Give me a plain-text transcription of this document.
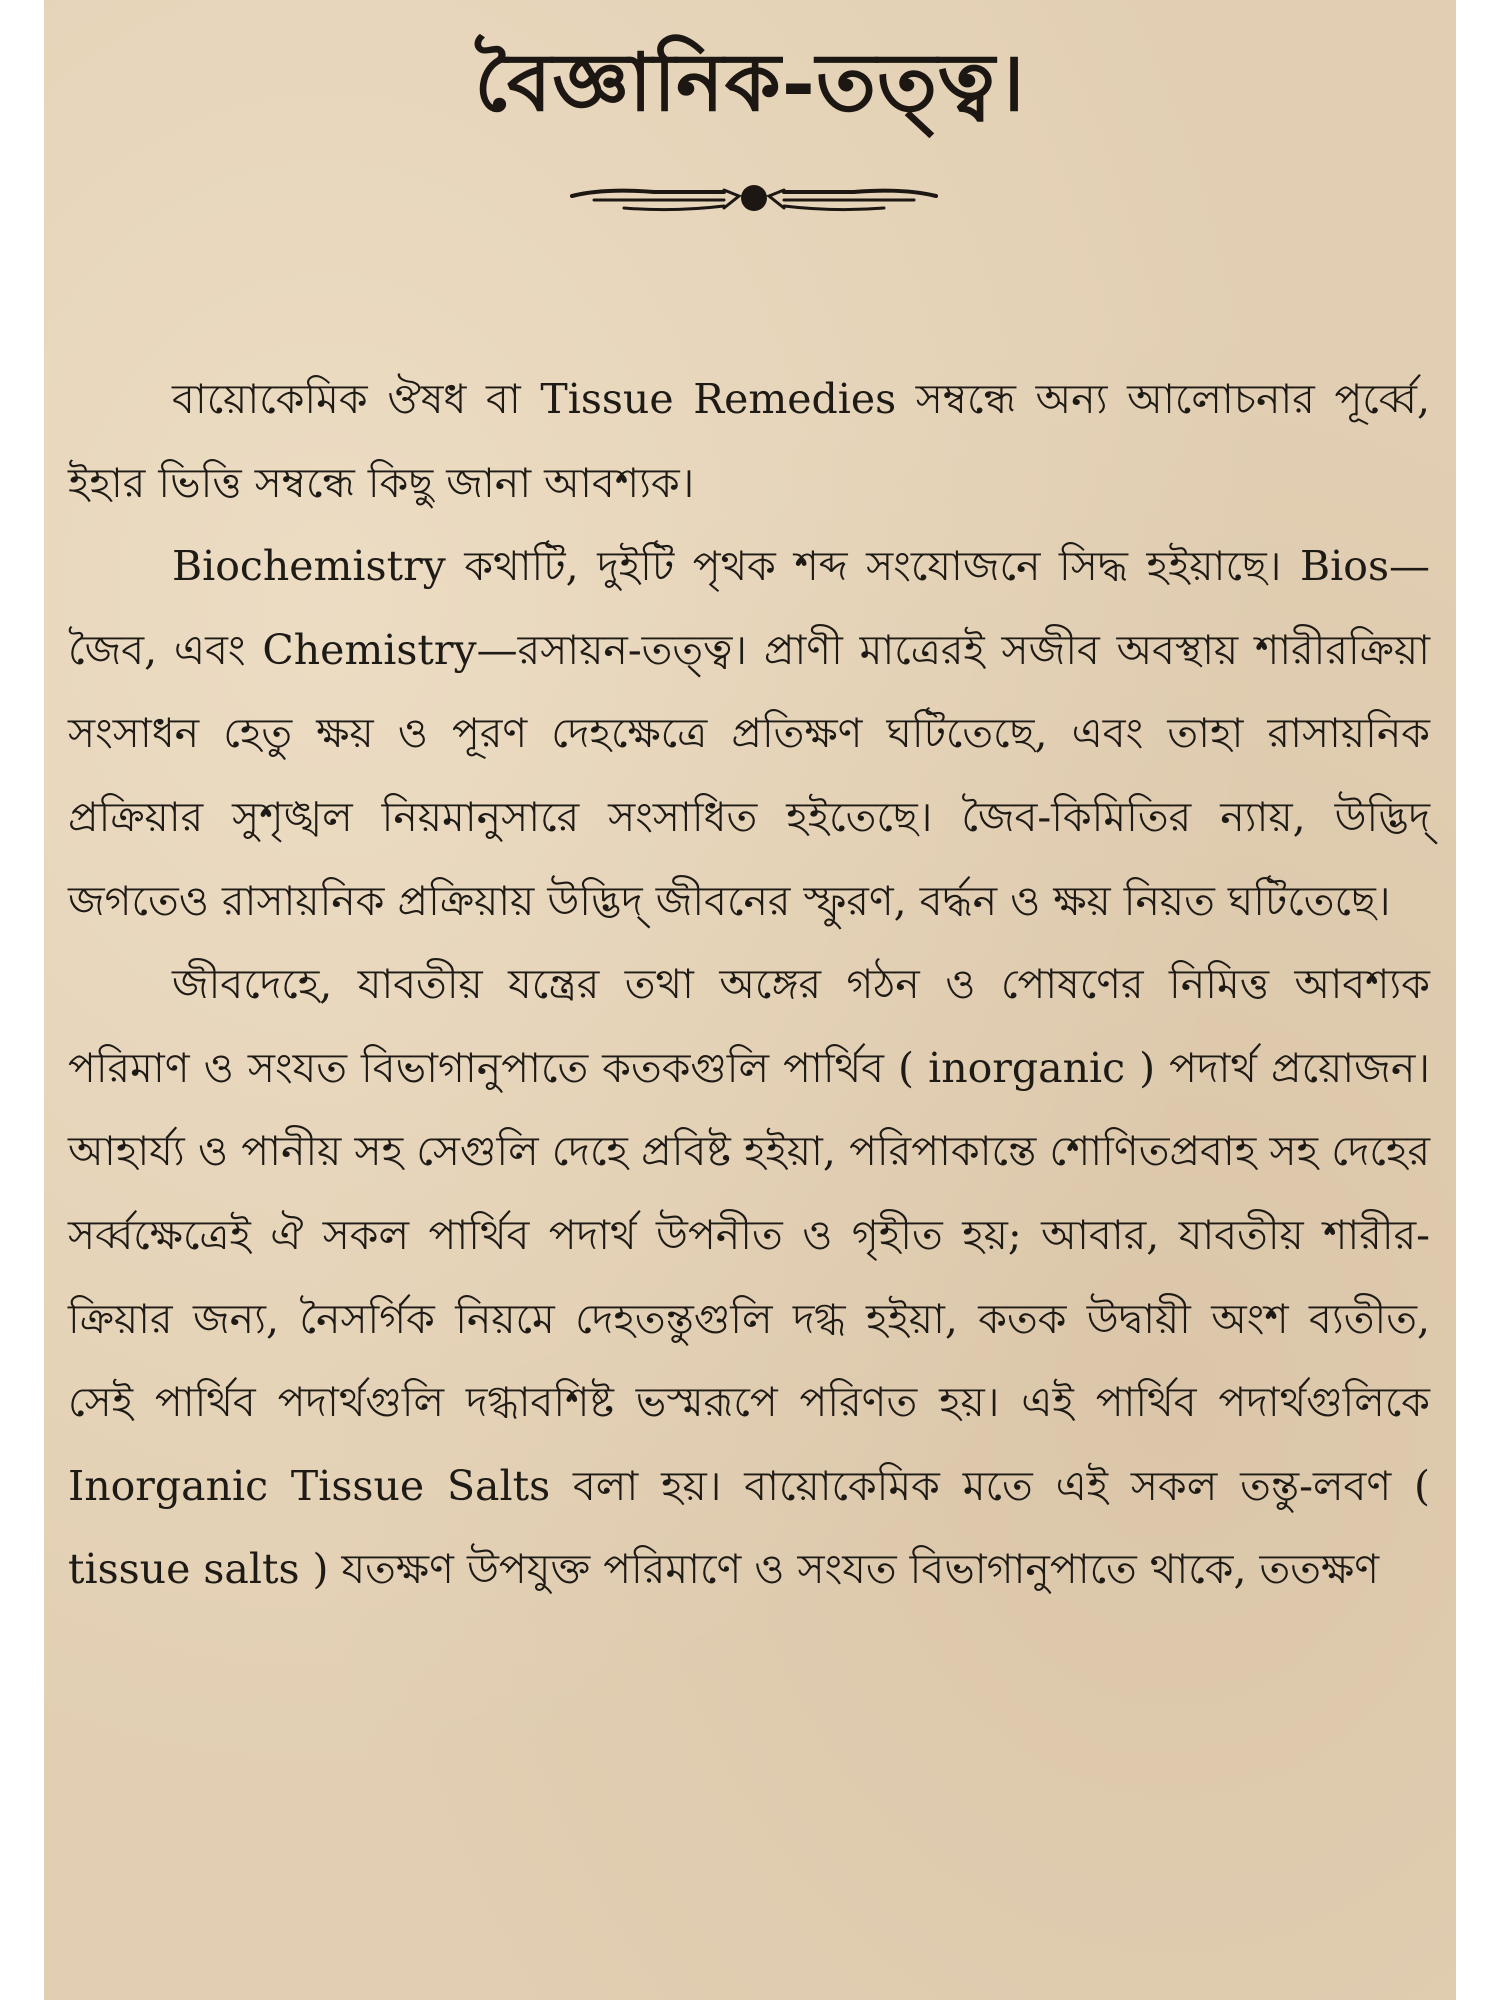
বৈজ্ঞানিক-তত্ত্ব।

বায়োকেমিক ঔষধ বা Tissue Remedies সম্বন্ধে অন্য আলোচনার পূর্ব্বে, ইহার ভিত্তি সম্বন্ধে কিছু জানা আবশ্যক।

Biochemistry কথাটি, দুইটি পৃথক শব্দ সংযোজনে সিদ্ধ হইয়াছে। Bios—জৈব, এবং Chemistry—রসায়ন-তত্ত্ব। প্রাণী মাত্রেরই সজীব অবস্থায় শারীরক্রিয়া সংসাধন হেতু ক্ষয় ও পূরণ দেহক্ষেত্রে প্রতিক্ষণ ঘটিতেছে, এবং তাহা রাসায়নিক প্রক্রিয়ার সুশৃঙ্খল নিয়মানুসারে সংসাধিত হইতেছে। জৈব-কিমিতির ন্যায়, উদ্ভিদ্ জগতেও রাসায়নিক প্রক্রিয়ায় উদ্ভিদ্ জীবনের স্ফুরণ, বর্দ্ধন ও ক্ষয় নিয়ত ঘটিতেছে।

জীবদেহে, যাবতীয় যন্ত্রের তথা অঙ্গের গঠন ও পোষণের নিমিত্ত আবশ্যক পরিমাণ ও সংযত বিভাগানুপাতে কতকগুলি পার্থিব ( inorganic ) পদার্থ প্রয়োজন। আহার্য্য ও পানীয় সহ সেগুলি দেহে প্রবিষ্ট হইয়া, পরিপাকান্তে শোণিতপ্রবাহ সহ দেহের সর্ব্বক্ষেত্রেই ঐ সকল পার্থিব পদার্থ উপনীত ও গৃহীত হয়; আবার, যাবতীয় শারীর-ক্রিয়ার জন্য, নৈসর্গিক নিয়মে দেহতন্তুগুলি দগ্ধ হইয়া, কতক উদ্বায়ী অংশ ব্যতীত, সেই পার্থিব পদার্থগুলি দগ্ধাবশিষ্ট ভস্মরূপে পরিণত হয়। এই পার্থিব পদার্থগুলিকে Inorganic Tissue Salts বলা হয়। বায়োকেমিক মতে এই সকল তন্তু-লবণ ( tissue salts ) যতক্ষণ উপযুক্ত পরিমাণে ও সংযত বিভাগানুপাতে থাকে, ততক্ষণ
